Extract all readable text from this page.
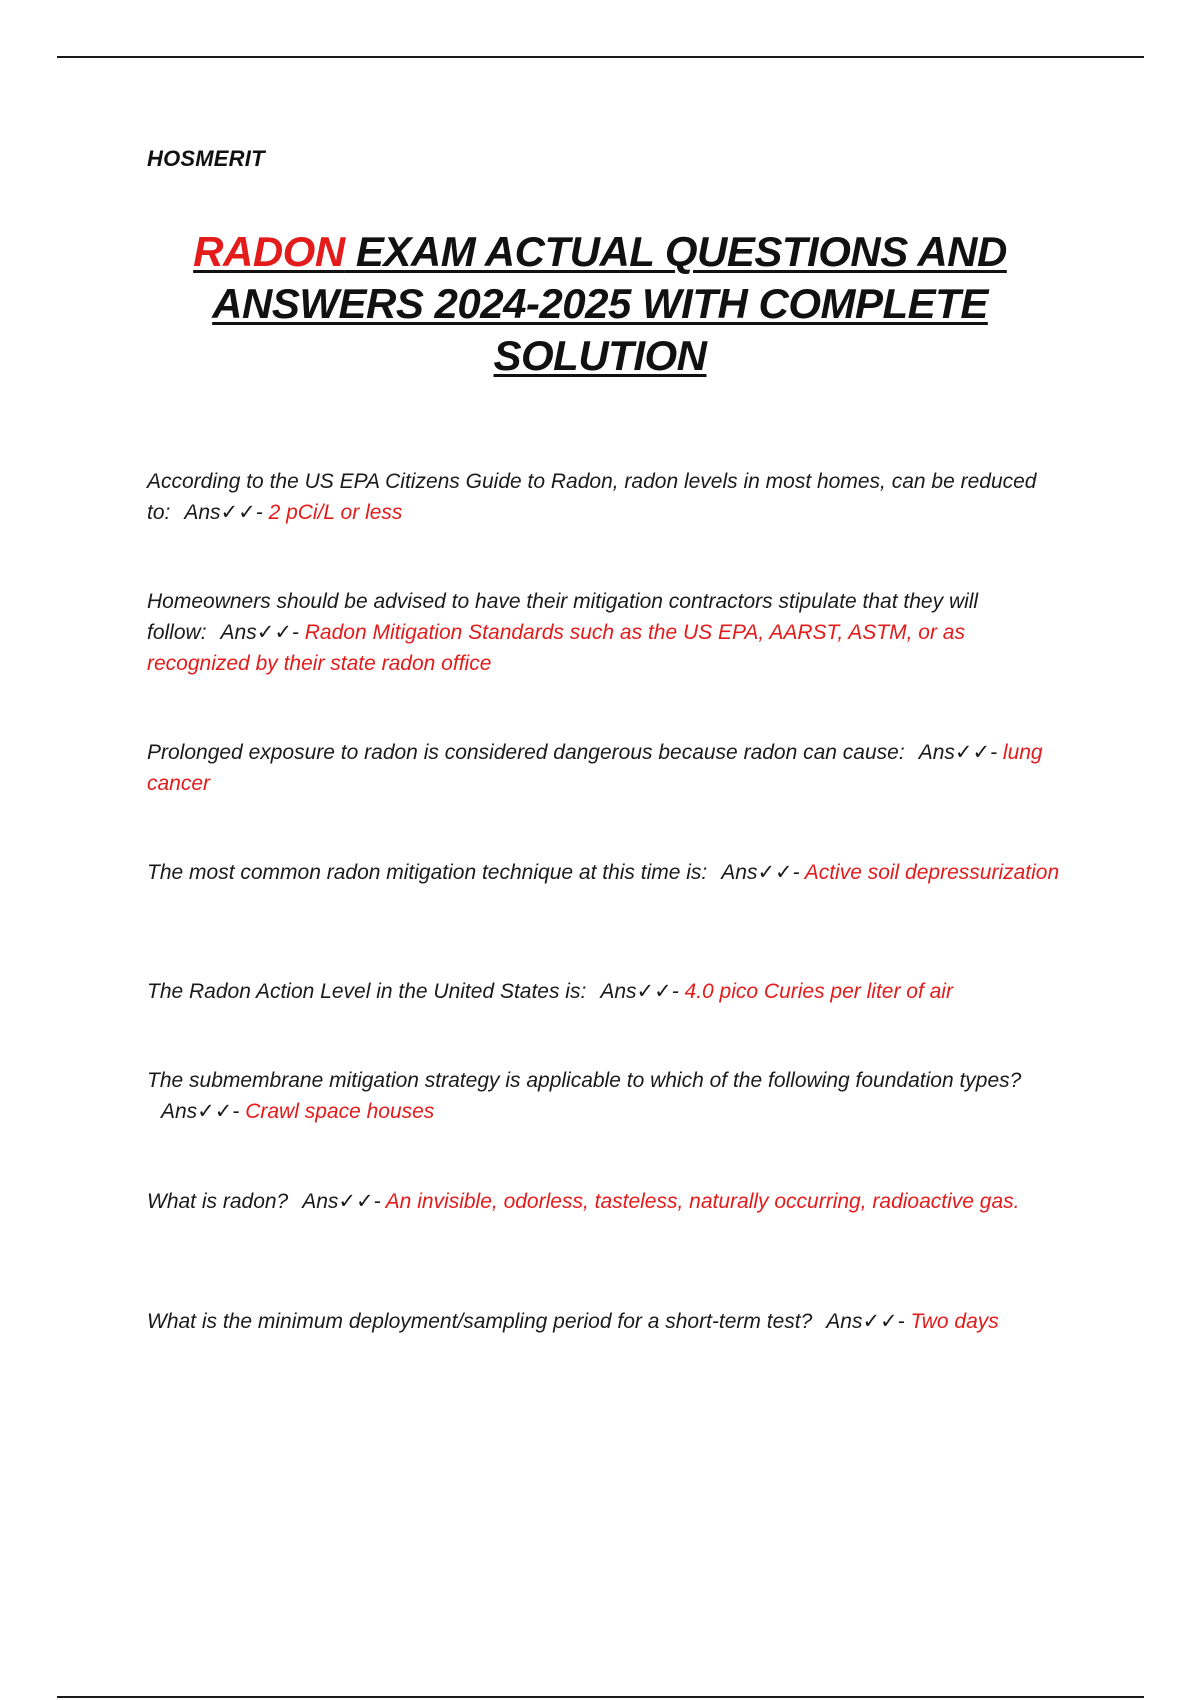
HOSMERIT
RADON EXAM ACTUAL QUESTIONS AND ANSWERS 2024-2025 WITH COMPLETE SOLUTION
According to the US EPA Citizens Guide to Radon, radon levels in most homes, can be reduced to: Ans✓✓- 2 pCi/L or less
Homeowners should be advised to have their mitigation contractors stipulate that they will follow: Ans✓✓- Radon Mitigation Standards such as the US EPA, AARST, ASTM, or as recognized by their state radon office
Prolonged exposure to radon is considered dangerous because radon can cause: Ans✓✓- lung cancer
The most common radon mitigation technique at this time is: Ans✓✓- Active soil depressurization
The Radon Action Level in the United States is: Ans✓✓- 4.0 pico Curies per liter of air
The submembrane mitigation strategy is applicable to which of the following foundation types?Ans✓✓- Crawl space houses
What is radon? Ans✓✓- An invisible, odorless, tasteless, naturally occurring, radioactive gas.
What is the minimum deployment/sampling period for a short-term test? Ans✓✓- Two days
